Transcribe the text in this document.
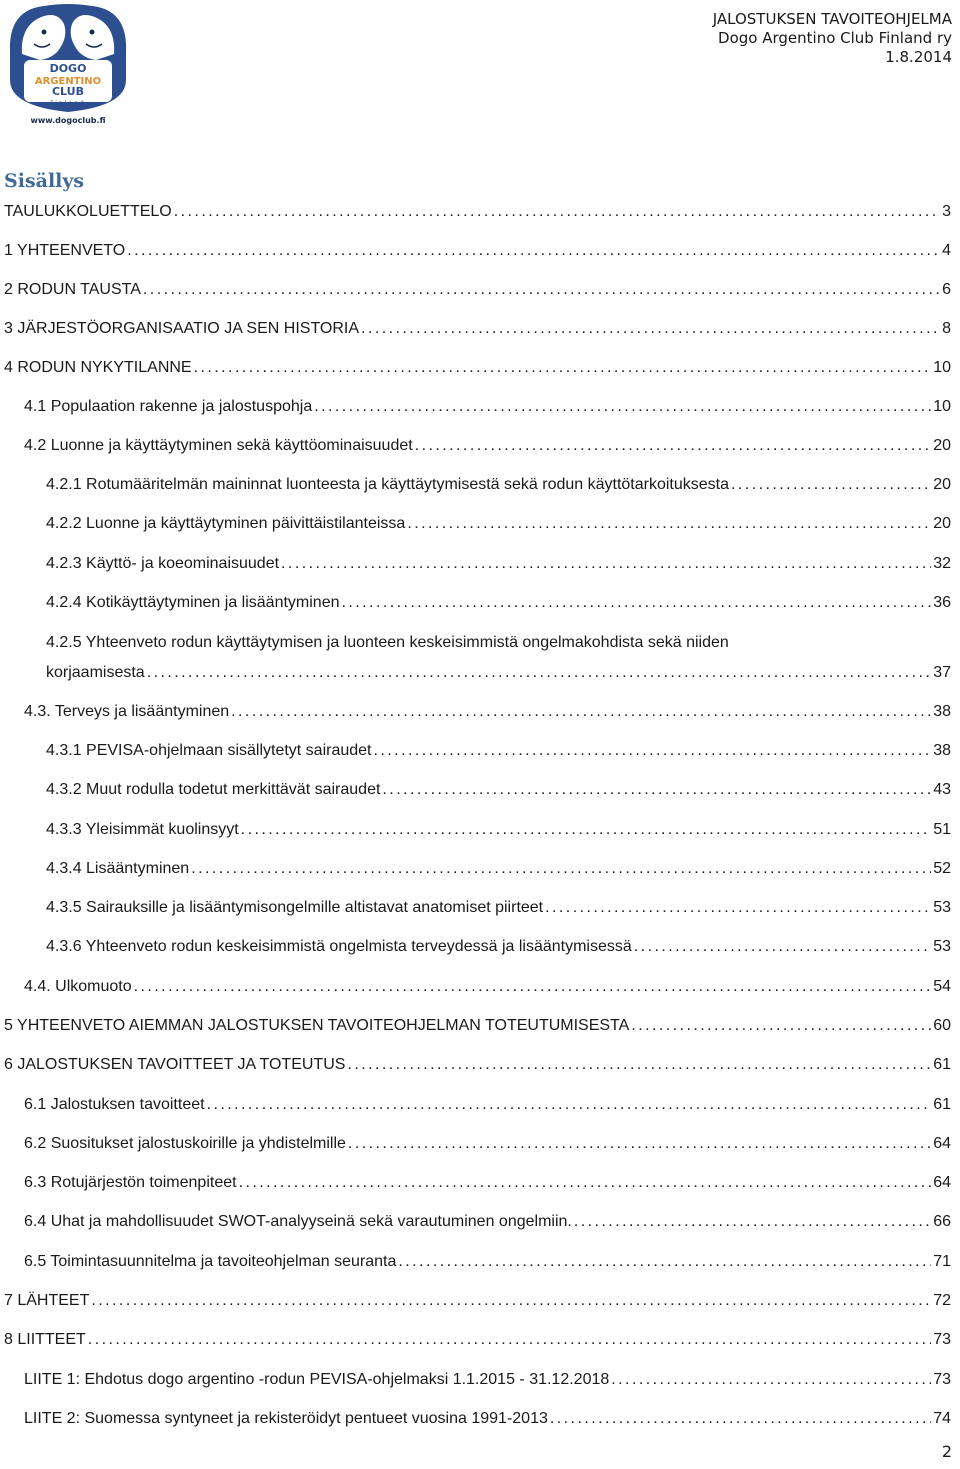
DOGO
ARGENTINO
CLUB
Finland
www.dogoclub.fi
JALOSTUKSEN TAVOITEOHJELMA
Dogo Argentino Club Finland ry
1.8.2014
Sisällys
TAULUKKOLUETTELO . . .	3
1 YHTEENVETO . . .	4
2 RODUN TAUSTA . . .	6
3 JÄRJESTÖORGANISAATIO JA SEN HISTORIA . . .	8
4 RODUN NYKYTILANNE . . .	10
4.1 Populaation rakenne ja jalostuspohja . . .	10
4.2 Luonne ja käyttäytyminen sekä käyttöominaisuudet . . .	20
4.2.1 Rotumääritelmän maininnat luonteesta ja käyttäytymisestä sekä rodun käyttötarkoituksesta . . .	20
4.2.2 Luonne ja käyttäytyminen päivittäistilanteissa . . .	20
4.2.3 Käyttö- ja koeominaisuudet . . .	32
4.2.4 Kotikäyttäytyminen ja lisääntyminen . . .	36
4.2.5 Yhteenveto rodun käyttäytymisen ja luonteen keskeisimmistä ongelmakohdista sekä niiden
korjaamisesta . . .	37
4.3. Terveys ja lisääntyminen . . .	38
4.3.1 PEVISA-ohjelmaan sisällytetyt sairaudet . . .	38
4.3.2 Muut rodulla todetut merkittävät sairaudet . . .	43
4.3.3 Yleisimmät kuolinsyyt . . .	51
4.3.4 Lisääntyminen . . .	52
4.3.5 Sairauksille ja lisääntymisongelmille altistavat anatomiset piirteet . . .	53
4.3.6 Yhteenveto rodun keskeisimmistä ongelmista terveydessä ja lisääntymisessä . . .	53
4.4. Ulkomuoto . . .	54
5 YHTEENVETO AIEMMAN JALOSTUKSEN TAVOITEOHJELMAN TOTEUTUMISESTA . . .	60
6 JALOSTUKSEN TAVOITTEET JA TOTEUTUS . . .	61
6.1 Jalostuksen tavoitteet . . .	61
6.2 Suositukset jalostuskoirille ja yhdistelmille . . .	64
6.3 Rotujärjestön toimenpiteet . . .	64
6.4 Uhat ja mahdollisuudet SWOT-analyyseinä sekä varautuminen ongelmiin. . . .	66
6.5 Toimintasuunnitelma ja tavoiteohjelman seuranta . . .	71
7 LÄHTEET . . .	72
8 LIITTEET . . .	73
LIITE 1: Ehdotus dogo argentino -rodun PEVISA-ohjelmaksi 1.1.2015 - 31.12.2018 . . .	73
LIITE 2: Suomessa syntyneet ja rekisteröidyt pentueet vuosina 1991-2013 . . .	74
2
